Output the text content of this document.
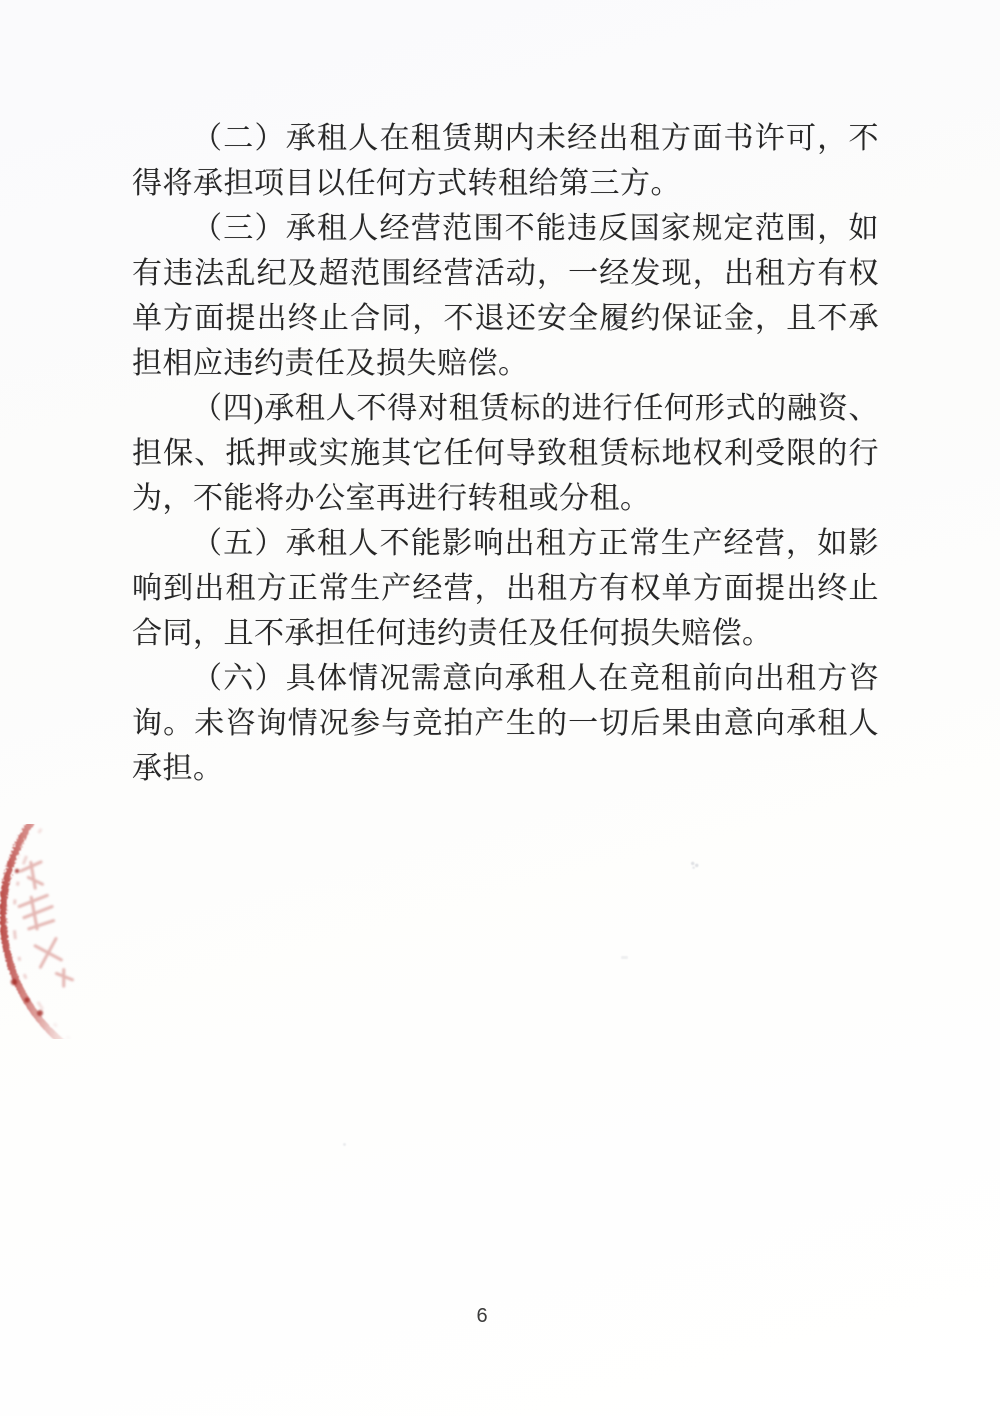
（二）承租人在租赁期内未经出租方面书许可，不得将承担项目以任何方式转租给第三方。

（三）承租人经营范围不能违反国家规定范围，如有违法乱纪及超范围经营活动，一经发现，出租方有权单方面提出终止合同，不退还安全履约保证金，且不承担相应违约责任及损失赔偿。

（四)承租人不得对租赁标的进行任何形式的融资、担保、抵押或实施其它任何导致租赁标地权利受限的行为，不能将办公室再进行转租或分租。

（五）承租人不能影响出租方正常生产经营，如影响到出租方正常生产经营，出租方有权单方面提出终止合同，且不承担任何违约责任及任何损失赔偿。

（六）具体情况需意向承租人在竞租前向出租方咨询。未咨询情况参与竞拍产生的一切后果由意向承租人承担。

6
